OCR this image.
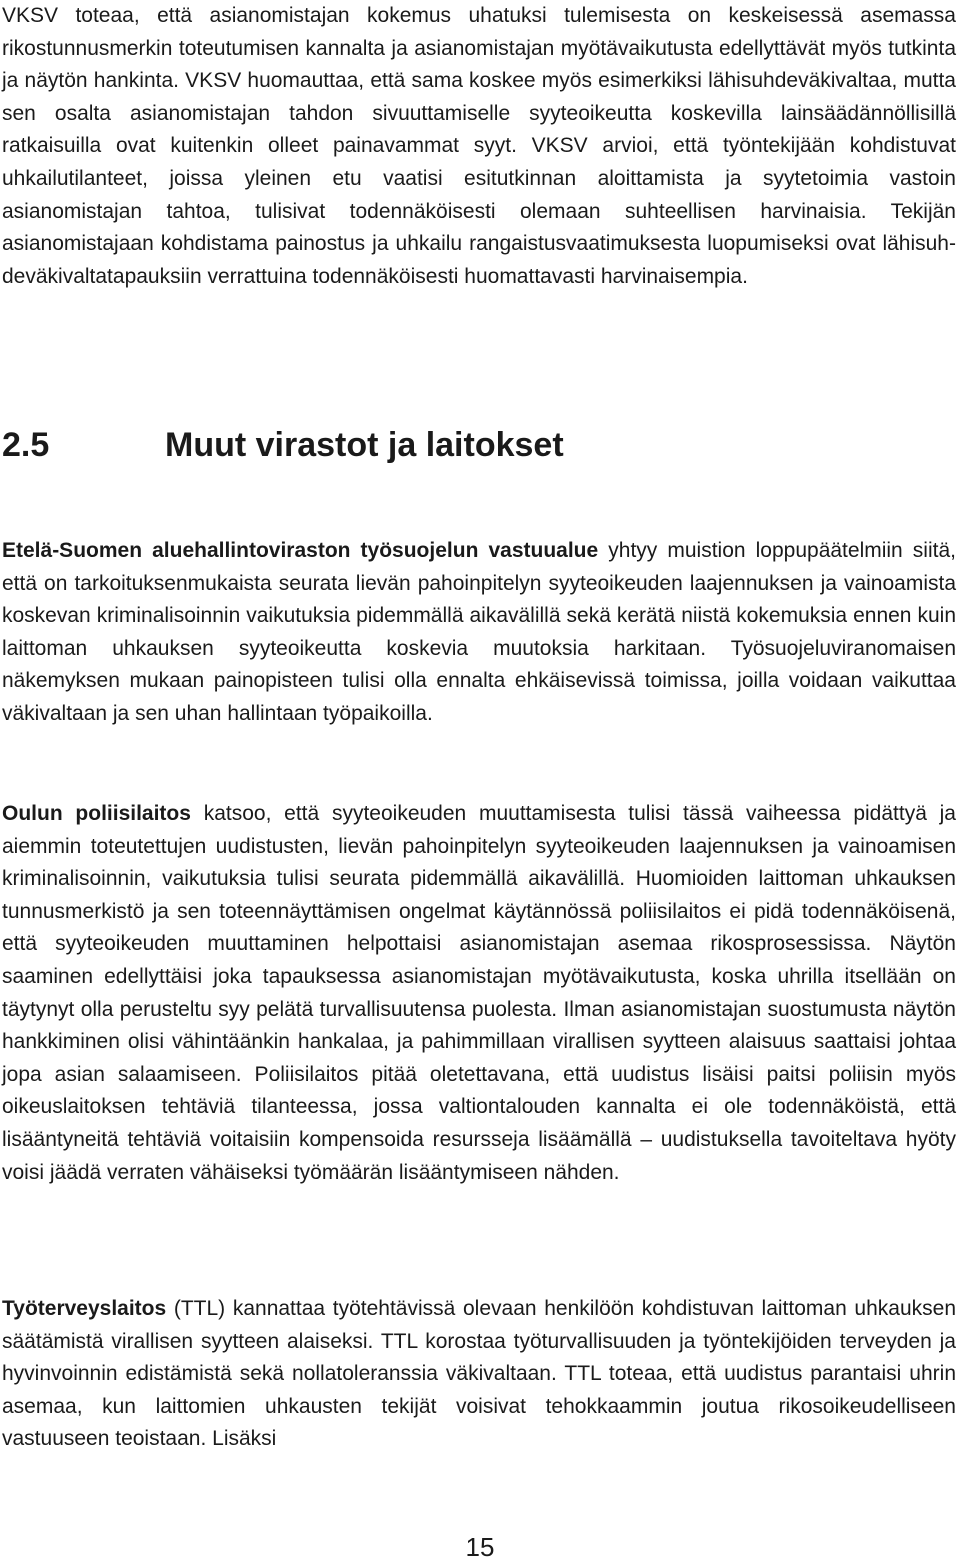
VKSV toteaa, että asianomistajan kokemus uhatuksi tulemisesta on keskeisessä asemassa rikostunnusmerkin toteutumisen kannalta ja asianomistajan myötävaikutusta edellyttävät myös tutkinta ja näytön hankinta. VKSV huomauttaa, että sama koskee myös esimerkiksi lähisuhdeväkivaltaa, mutta sen osalta asianomistajan tahdon sivuuttamiselle syyteoikeutta koskevilla lainsäädännöllisillä ratkaisuilla ovat kuitenkin olleet painavammat syyt. VKSV arvioi, että työntekijään kohdistuvat uhkailutilanteet, joissa yleinen etu vaatisi esitutkinnan aloittamista ja syytetoimia vastoin asianomistajan tahtoa, tulisivat todennäköisesti olemaan suhteellisen harvinaisia. Tekijän asianomistajaan kohdistama painostus ja uhkailu rangaistusvaatimuksesta luopumiseksi ovat lähisuhdeväkivaltatapauksiin verrattuina todennäköisesti huomattavasti harvinaisempia.

2.5	Muut virastot ja laitokset

Etelä-Suomen aluehallintoviraston työsuojelun vastuualue yhtyy muistion loppupäätelmiin siitä, että on tarkoituksenmukaista seurata lievän pahoinpitelyn syyteoikeuden laajennuksen ja vainoamista koskevan kriminalisoinnin vaikutuksia pidemmällä aikavälillä sekä kerätä niistä kokemuksia ennen kuin laittoman uhkauksen syyteoikeutta koskevia muutoksia harkitaan. Työsuojeluviranomaisen näkemyksen mukaan painopisteen tulisi olla ennalta ehkäisevissä toimissa, joilla voidaan vaikuttaa väkivaltaan ja sen uhan hallintaan työpaikoilla.

Oulun poliisilaitos katsoo, että syyteoikeuden muuttamisesta tulisi tässä vaiheessa pidättyä ja aiemmin toteutettujen uudistusten, lievän pahoinpitelyn syyteoikeuden laajennuksen ja vainoamisen kriminalisoinnin, vaikutuksia tulisi seurata pidemmällä aikavälillä. Huomioiden laittoman uhkauksen tunnusmerkistö ja sen toteennäyttämisen ongelmat käytännössä poliisilaitos ei pidä todennäköisenä, että syyteoikeuden muuttaminen helpottaisi asianomistajan asemaa rikosprosessissa. Näytön saaminen edellyttäisi joka tapauksessa asianomistajan myötävaikutusta, koska uhrilla itsellään on täytynyt olla perusteltu syy pelätä turvallisuutensa puolesta. Ilman asianomistajan suostumusta näytön hankkiminen olisi vähintäänkin hankalaa, ja pahimmillaan virallisen syytteen alaisuus saattaisi johtaa jopa asian salaamiseen. Poliisilaitos pitää oletettavana, että uudistus lisäisi paitsi poliisin myös oikeuslaitoksen tehtäviä tilanteessa, jossa valtiontalouden kannalta ei ole todennäköistä, että lisääntyneitä tehtäviä voitaisiin kompensoida resursseja lisäämällä – uudistuksella tavoiteltava hyöty voisi jäädä verraten vähäiseksi työmäärän lisääntymiseen nähden.

Työterveyslaitos (TTL) kannattaa työtehtävissä olevaan henkilöön kohdistuvan laittoman uhkauksen säätämistä virallisen syytteen alaiseksi. TTL korostaa työturvallisuuden ja työntekijöiden terveyden ja hyvinvoinnin edistämistä sekä nollatoleranssia väkivaltaan. TTL toteaa, että uudistus parantaisi uhrin asemaa, kun laittomien uhkausten tekijät voisivat tehokkaammin joutua rikosoikeudelliseen vastuuseen teoistaan. Lisäksi

15
